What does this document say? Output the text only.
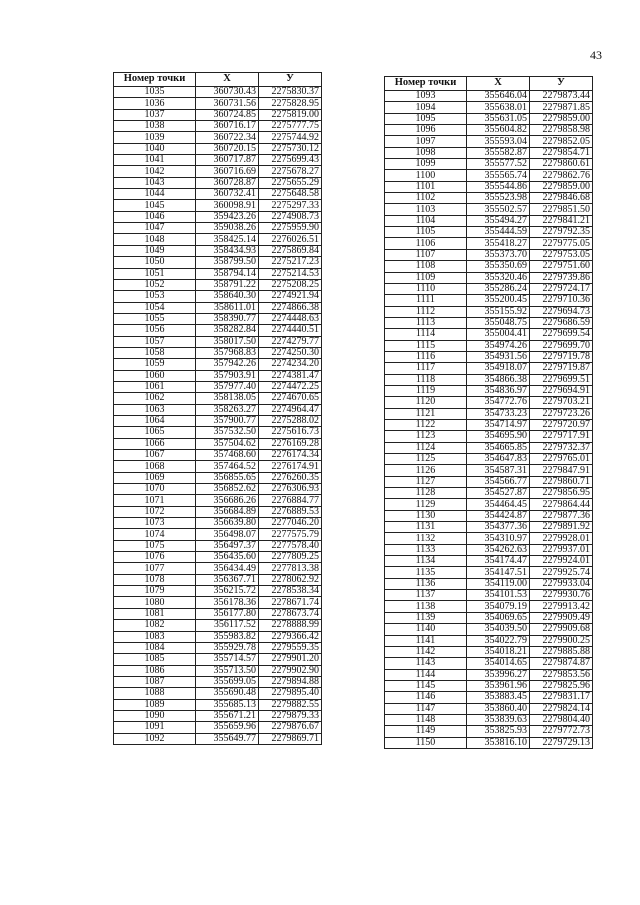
43
Номер точки	X	У
1035	360730.43	2275830.37
1036	360731.56	2275828.95
1037	360724.85	2275819.00
1038	360716.17	2275777.75
1039	360722.34	2275744.92
1040	360720.15	2275730.12
1041	360717.87	2275699.43
1042	360716.69	2275678.27
1043	360728.87	2275655.29
1044	360732.41	2275648.58
1045	360098.91	2275297.33
1046	359423.26	2274908.73
1047	359038.26	2275959.90
1048	358425.14	2276026.51
1049	358434.93	2275869.84
1050	358799.50	2275217.23
1051	358794.14	2275214.53
1052	358791.22	2275208.25
1053	358640.30	2274921.94
1054	358611.01	2274866.38
1055	358390.77	2274448.63
1056	358282.84	2274440.51
1057	358017.50	2274279.77
1058	357968.83	2274250.30
1059	357942.26	2274234.20
1060	357903.91	2274381.47
1061	357977.40	2274472.25
1062	358138.05	2274670.65
1063	358263.27	2274964.47
1064	357900.77	2275288.02
1065	357532.50	2275616.73
1066	357504.62	2276169.28
1067	357468.60	2276174.34
1068	357464.52	2276174.91
1069	356855.65	2276260.35
1070	356852.62	2276306.93
1071	356686.26	2276884.77
1072	356684.89	2276889.53
1073	356639.80	2277046.20
1074	356498.07	2277575.79
1075	356497.37	2277578.40
1076	356435.60	2277809.25
1077	356434.49	2277813.38
1078	356367.71	2278062.92
1079	356215.72	2278538.34
1080	356178.36	2278671.74
1081	356177.80	2278673.74
1082	356117.52	2278888.99
1083	355983.82	2279366.42
1084	355929.78	2279559.35
1085	355714.57	2279901.20
1086	355713.50	2279902.90
1087	355699.05	2279894.88
1088	355690.48	2279895.40
1089	355685.13	2279882.55
1090	355671.21	2279879.33
1091	355659.96	2279876.67
1092	355649.77	2279869.71
Номер точки	X	У
1093	355646.04	2279873.44
1094	355638.01	2279871.85
1095	355631.05	2279859.00
1096	355604.82	2279858.98
1097	355593.04	2279852.05
1098	355582.87	2279854.71
1099	355577.52	2279860.61
1100	355565.74	2279862.76
1101	355544.86	2279859.00
1102	355523.98	2279846.68
1103	355502.57	2279851.50
1104	355494.27	2279841.21
1105	355444.59	2279792.35
1106	355418.27	2279775.05
1107	355373.70	2279753.05
1108	355350.69	2279751.60
1109	355320.46	2279739.86
1110	355286.24	2279724.17
1111	355200.45	2279710.36
1112	355155.92	2279694.73
1113	355048.75	2279686.59
1114	355004.41	2279699.54
1115	354974.26	2279699.70
1116	354931.56	2279719.78
1117	354918.07	2279719.87
1118	354866.38	2279699.51
1119	354836.97	2279694.91
1120	354772.76	2279703.21
1121	354733.23	2279723.26
1122	354714.97	2279720.97
1123	354695.90	2279717.91
1124	354665.85	2279732.37
1125	354647.83	2279765.01
1126	354587.31	2279847.91
1127	354566.77	2279860.71
1128	354527.87	2279856.95
1129	354464.45	2279864.44
1130	354424.87	2279877.36
1131	354377.36	2279891.92
1132	354310.97	2279928.01
1133	354262.63	2279937.01
1134	354174.47	2279924.01
1135	354147.51	2279925.74
1136	354119.00	2279933.04
1137	354101.53	2279930.76
1138	354079.19	2279913.42
1139	354069.65	2279909.49
1140	354039.50	2279909.68
1141	354022.79	2279900.25
1142	354018.21	2279885.88
1143	354014.65	2279874.87
1144	353996.27	2279853.56
1145	353961.96	2279825.96
1146	353883.45	2279831.17
1147	353860.40	2279824.14
1148	353839.63	2279804.40
1149	353825.93	2279772.73
1150	353816.10	2279729.13
